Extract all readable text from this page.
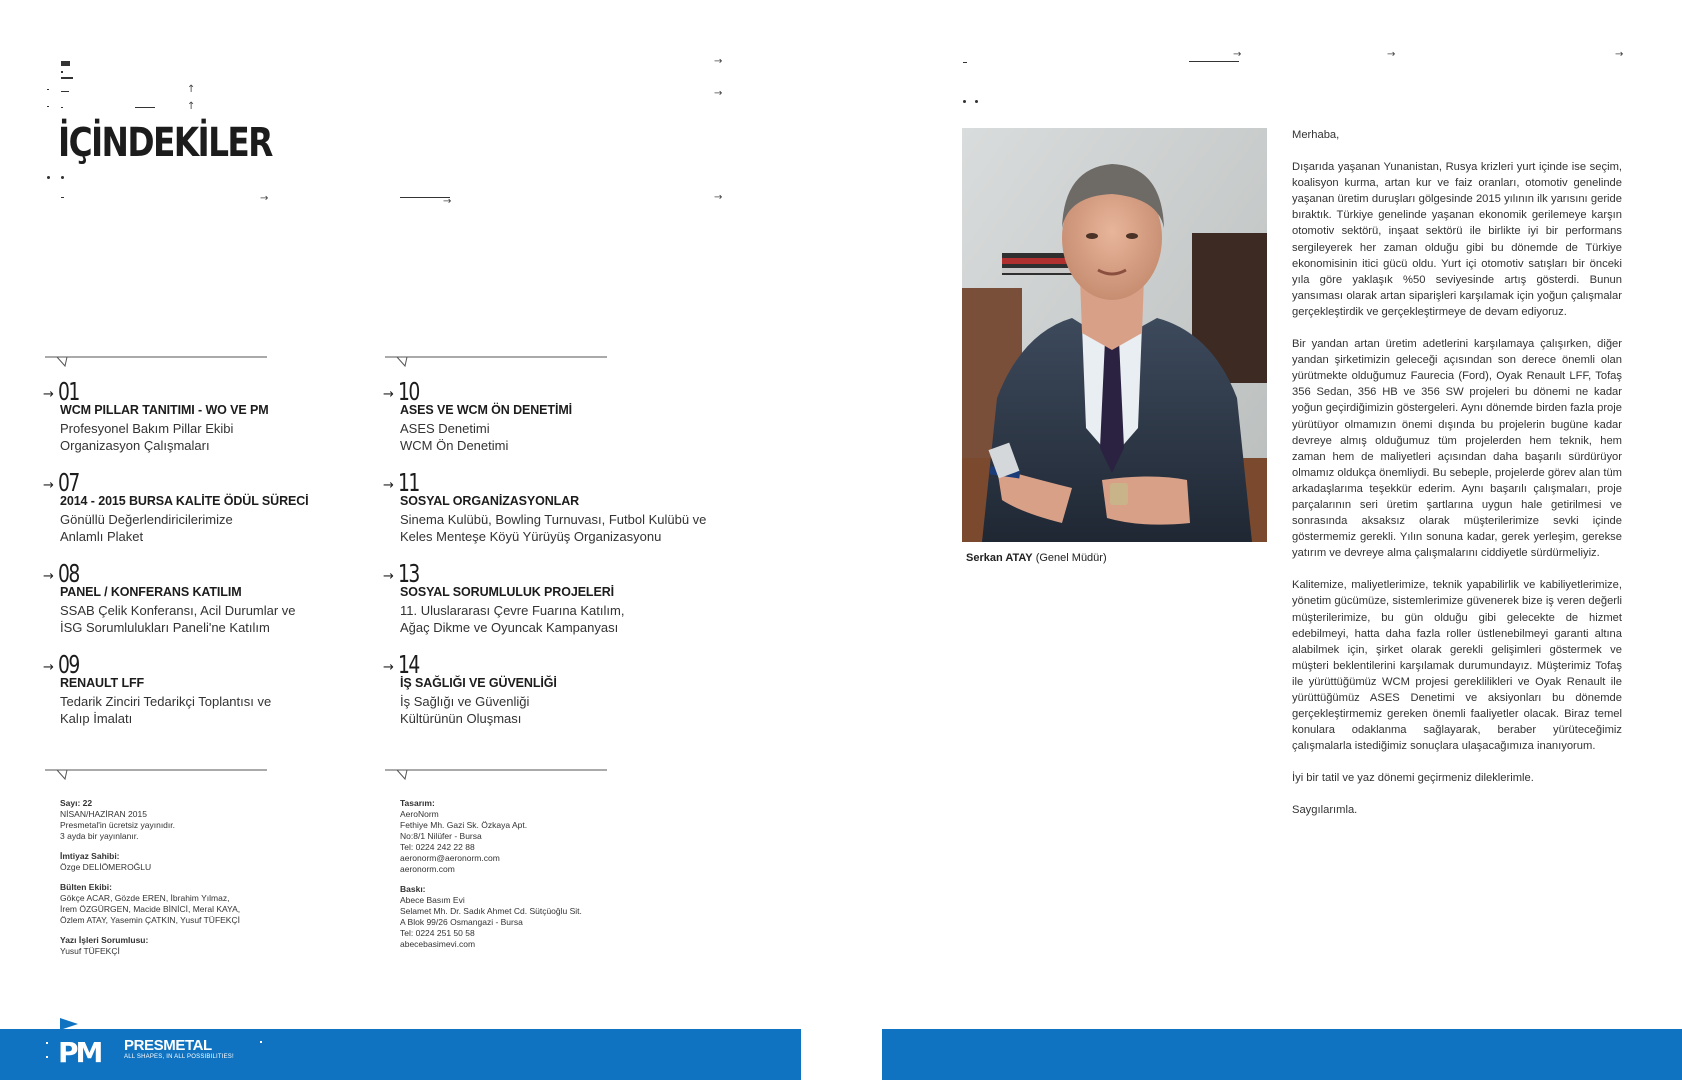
↑
↑
→
→
→	→	→
İÇİNDEKİLER
→ 01
WCM PILLAR TANITIMI - WO VE PM
Profesyonel Bakım Pillar Ekibi
Organizasyon Çalışmaları
→ 07
2014 - 2015 BURSA KALİTE ÖDÜL SÜRECİ
Gönüllü Değerlendiricilerimize
Anlamlı Plaket
→ 08
PANEL / KONFERANS KATILIM
SSAB Çelik Konferansı, Acil Durumlar ve
İSG Sorumlulukları Paneli'ne Katılım
→ 09
RENAULT LFF
Tedarik Zinciri Tedarikçi Toplantısı ve
Kalıp İmalatı
→ 10
ASES VE WCM ÖN DENETİMİ
ASES Denetimi
WCM Ön Denetimi
→ 11
SOSYAL ORGANİZASYONLAR
Sinema Kulübü, Bowling Turnuvası, Futbol Kulübü ve
Keles Menteşe Köyü Yürüyüş Organizasyonu
→ 13
SOSYAL SORUMLULUK PROJELERİ
11. Uluslararası Çevre Fuarına Katılım,
Ağaç Dikme ve Oyuncak Kampanyası
→ 14
İŞ SAĞLIĞI VE GÜVENLİĞİ
İş Sağlığı ve Güvenliği
Kültürünün Oluşması
Sayı: 22
NİSAN/HAZİRAN 2015
Presmetal'in ücretsiz yayınıdır.
3 ayda bir yayınlanır.
İmtiyaz Sahibi:
Özge DELİÖMEROĞLU
Bülten Ekibi:
Gökçe ACAR, Gözde EREN, İbrahim Yılmaz,
İrem ÖZGÜRGEN, Macide BİNİCİ, Meral KAYA,
Özlem ATAY, Yasemin ÇATKIN, Yusuf TÜFEKÇİ
Yazı İşleri Sorumlusu:
Yusuf TÜFEKÇİ
Tasarım:
AeroNorm
Fethiye Mh. Gazi Sk. Özkaya Apt.
No:8/1 Nilüfer - Bursa
Tel: 0224 242 22 88
aeronorm@aeronorm.com
aeronorm.com
Baskı:
Abece Basım Evi
Selamet Mh. Dr. Sadık Ahmet Cd. Sütçüoğlu Sit.
A Blok 99/26 Osmangazi - Bursa
Tel: 0224 251 50 58
abecebasimevi.com
PM PRESMETAL
ALL SHAPES, IN ALL POSSIBILITIES!
→	→	→
Serkan ATAY (Genel Müdür)

Merhaba,

Dışarıda yaşanan Yunanistan, Rusya krizleri yurt içinde ise seçim, koalisyon kurma, artan kur ve faiz oranları, otomotiv genelinde yaşanan üretim duruşları gölgesinde 2015 yılının ilk yarısını geride bıraktık. Türkiye genelinde yaşanan ekonomik gerilemeye karşın otomotiv sektörü, inşaat sektörü ile birlikte iyi bir performans sergileyerek her zaman olduğu gibi bu dönemde de Türkiye ekonomisinin itici gücü oldu. Yurt içi otomotiv satışları bir önceki yıla göre yaklaşık %50 seviyesinde artış gösterdi. Bunun yansıması olarak artan siparişleri karşılamak için yoğun çalışmalar gerçekleştirdik ve gerçekleştirmeye de devam ediyoruz.

Bir yandan artan üretim adetlerini karşılamaya çalışırken, diğer yandan şirketimizin geleceği açısından son derece önemli olan yürütmekte olduğumuz Faurecia (Ford), Oyak Renault LFF, Tofaş 356 Sedan, 356 HB ve 356 SW projeleri bu dönemi ne kadar yoğun geçirdiğimizin göstergeleri. Aynı dönemde birden fazla proje yürütüyor olmamızın önemi dışında bu projelerin bugüne kadar devreye almış olduğumuz tüm projelerden hem teknik, hem zaman hem de maliyetleri açısından daha başarılı sürdürüyor olmamız oldukça önemliydi. Bu sebeple, projelerde görev alan tüm arkadaşlarıma teşekkür ederim. Aynı başarılı çalışmaları, proje parçalarının seri üretim şartlarına uygun hale getirilmesi ve sonrasında aksaksız olarak müşterilerimize sevki içinde göstermemiz gerekli. Yılın sonuna kadar, gerek yerleşim, gerekse yatırım ve devreye alma çalışmalarını ciddiyetle sürdürmeliyiz.

Kalitemize, maliyetlerimize, teknik yapabilirlik ve kabiliyetlerimize, yönetim gücümüze, sistemlerimize güvenerek bize iş veren değerli müşterilerimize, bu gün olduğu gibi gelecekte de hizmet edebilmeyi, hatta daha fazla roller üstlenebilmeyi garanti altına alabilmek için, şirket olarak gerekli gelişimleri göstermek ve müşteri beklentilerini karşılamak durumundayız. Müşterimiz Tofaş ile yürüttüğümüz WCM projesi gereklilikleri ve Oyak Renault ile yürüttüğümüz ASES Denetimi ve aksiyonları bu dönemde gerçekleştirmemiz gereken önemli faaliyetler olacak. Biraz temel konulara odaklanma sağlayarak, beraber yürüteceğimiz çalışmalarla istediğimiz sonuçlara ulaşacağımıza inanıyorum.

İyi bir tatil ve yaz dönemi geçirmeniz dileklerimle.

Saygılarımla.
